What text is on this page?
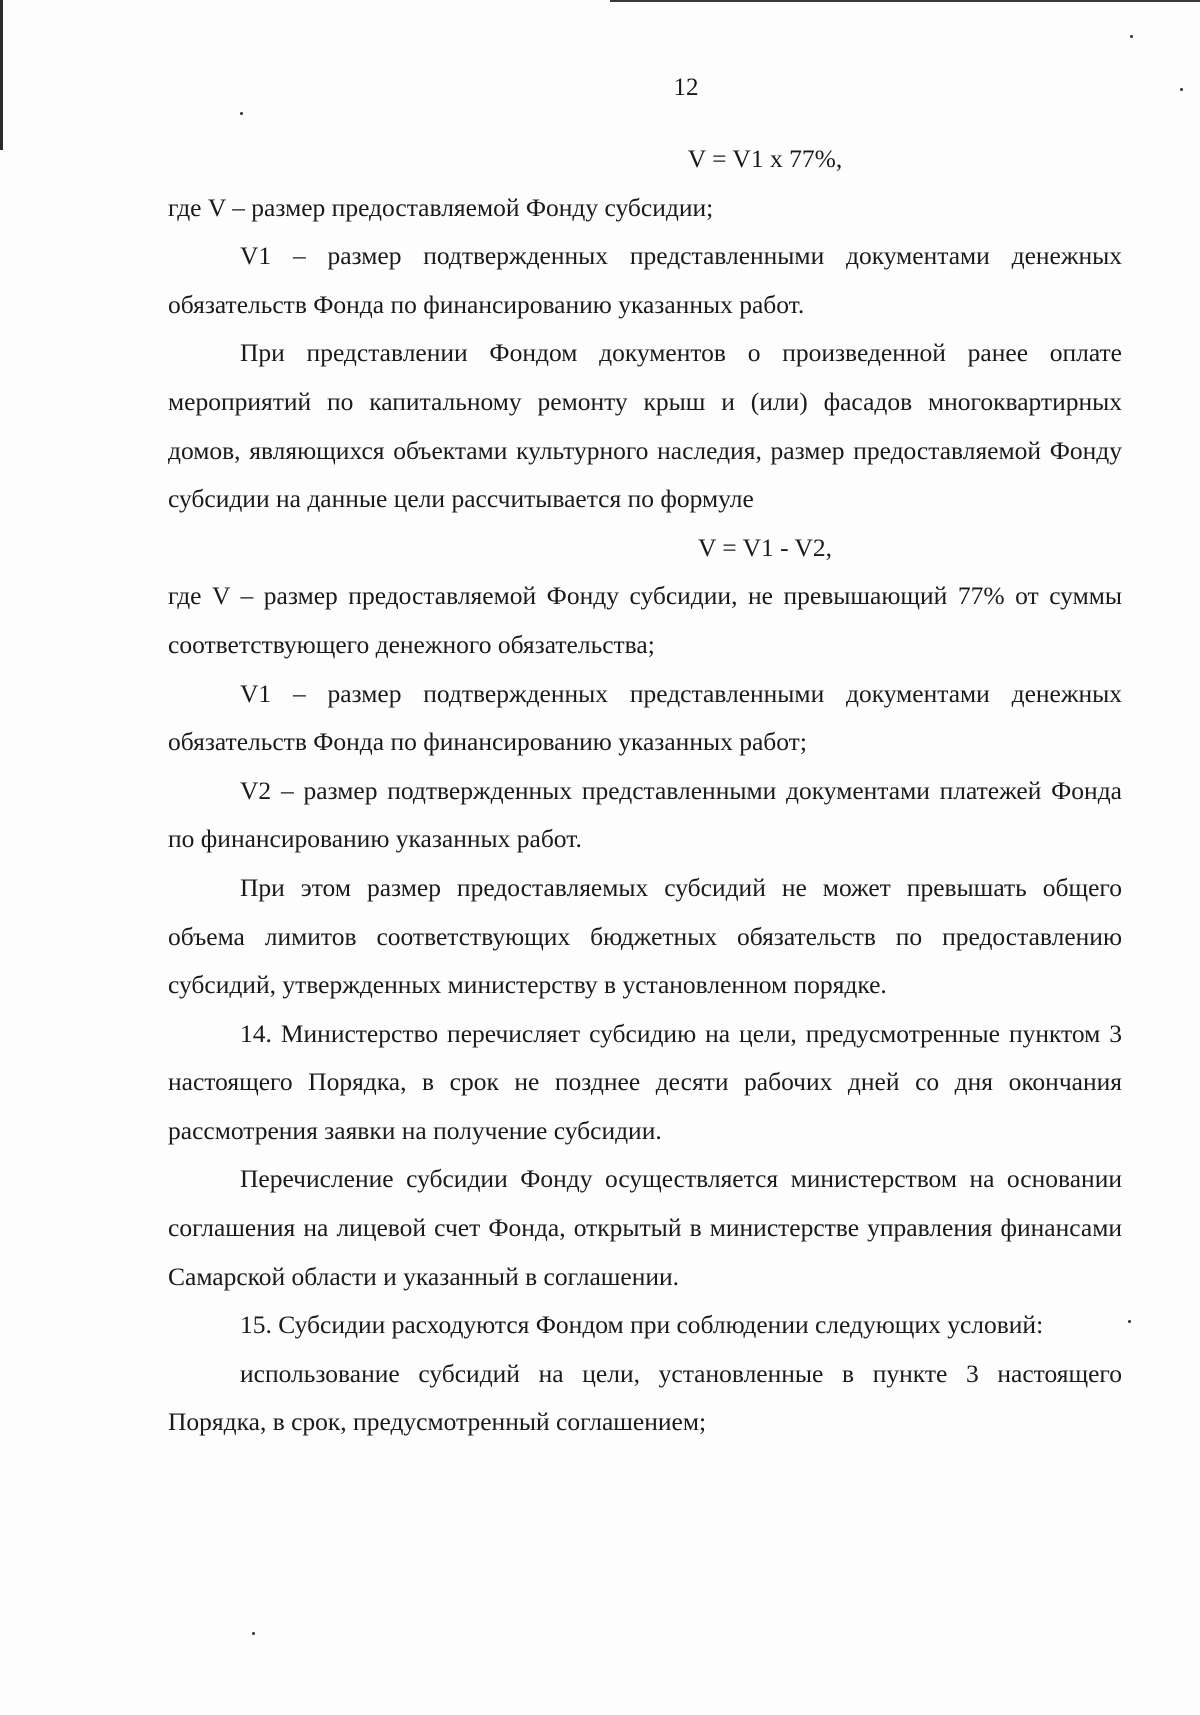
12

V = V1 x 77%,

где V – размер предоставляемой Фонду субсидии;

V1 – размер подтвержденных представленными документами денежных обязательств Фонда по финансированию указанных работ.

При представлении Фондом документов о произведенной ранее оплате мероприятий по капитальному ремонту крыш и (или) фасадов многоквартирных домов, являющихся объектами культурного наследия, размер предоставляемой Фонду субсидии на данные цели рассчитывается по формуле

V = V1 - V2,

где V – размер предоставляемой Фонду субсидии, не превышающий 77% от суммы соответствующего денежного обязательства;

V1 – размер подтвержденных представленными документами денежных обязательств Фонда по финансированию указанных работ;

V2 – размер подтвержденных представленными документами платежей Фонда по финансированию указанных работ.

При этом размер предоставляемых субсидий не может превышать общего объема лимитов соответствующих бюджетных обязательств по предоставлению субсидий, утвержденных министерству в установленном порядке.

14. Министерство перечисляет субсидию на цели, предусмотренные пунктом 3 настоящего Порядка, в срок не позднее десяти рабочих дней со дня окончания рассмотрения заявки на получение субсидии.

Перечисление субсидии Фонду осуществляется министерством на основании соглашения на лицевой счет Фонда, открытый в министерстве управления финансами Самарской области и указанный в соглашении.

15. Субсидии расходуются Фондом при соблюдении следующих условий:

использование субсидий на цели, установленные в пункте 3 настоящего Порядка, в срок, предусмотренный соглашением;
